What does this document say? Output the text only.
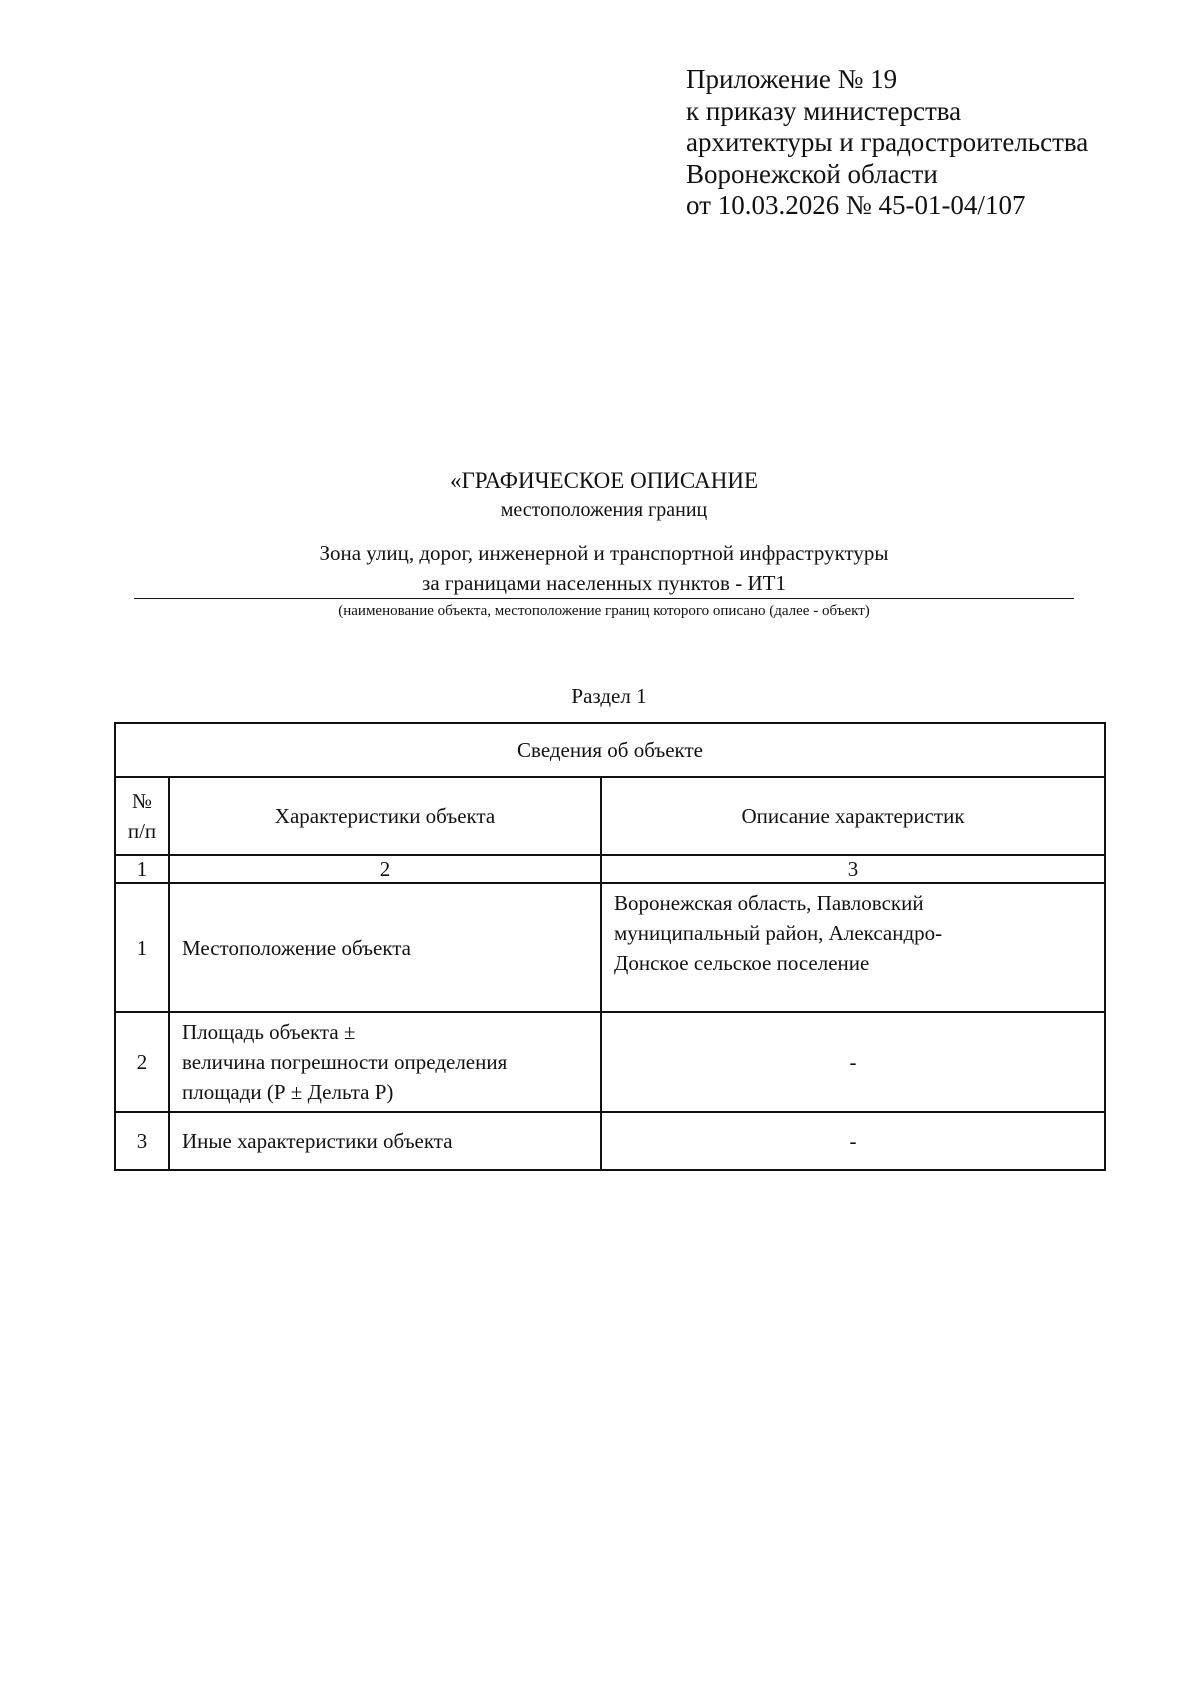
Приложение № 19
к приказу министерства
архитектуры и градостроительства
Воронежской области
от 10.03.2026 № 45-01-04/107
«ГРАФИЧЕСКОЕ ОПИСАНИЕ
местоположения границ
Зона улиц, дорог, инженерной и транспортной инфраструктуры
за границами населенных пунктов - ИТ1
(наименование объекта, местоположение границ которого описано (далее - объект)
Раздел 1
Сведения об объекте		

№
п/п	Характеристики объекта	Описание характеристик
1	2	3
1	Местоположение объекта	Воронежская область, Павловский
муниципальный район, Александро-
Донское сельское поселение

2	Площадь объекта ±
величина погрешности определения
площади (Р ± Дельта Р)	-

3	Иные характеристики объекта	-
